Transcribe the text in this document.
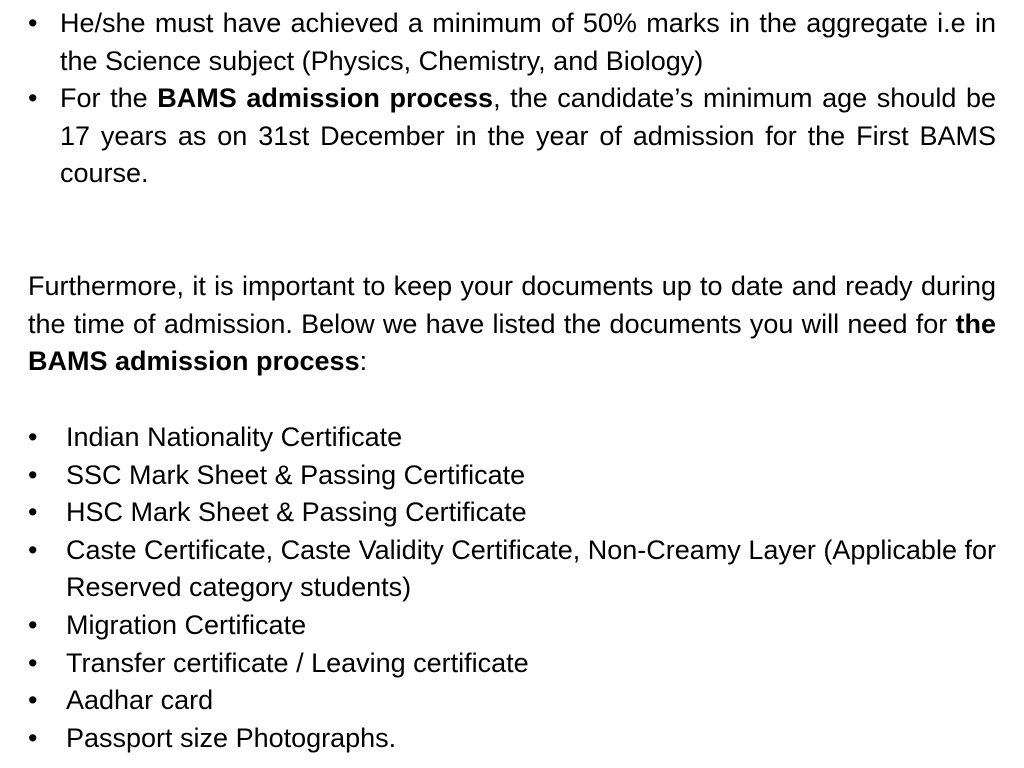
• He/she must have achieved a minimum of 50% marks in the aggregate i.e in the Science subject (Physics, Chemistry, and Biology)
• For the BAMS admission process, the candidate’s minimum age should be 17 years as on 31st December in the year of admission for the First BAMS course.

Furthermore, it is important to keep your documents up to date and ready during the time of admission. Below we have listed the documents you will need for the BAMS admission process:

• Indian Nationality Certificate
• SSC Mark Sheet & Passing Certificate
• HSC Mark Sheet & Passing Certificate
• Caste Certificate, Caste Validity Certificate, Non-Creamy Layer (Applicable for Reserved category students)
• Migration Certificate
• Transfer certificate / Leaving certificate
• Aadhar card
• Passport size Photographs.
